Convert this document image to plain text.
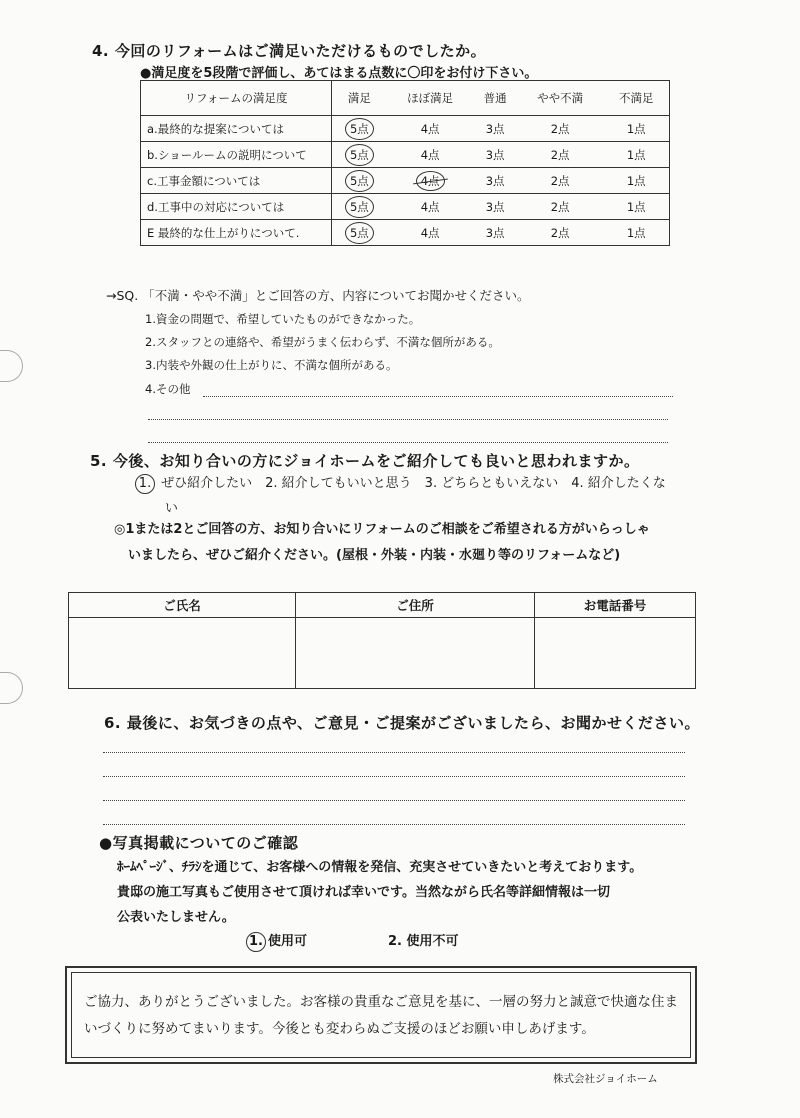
4. 今回のリフォームはご満足いただけるものでしたか。
●満足度を5段階で評価し、あてはまる点数に〇印をお付け下さい。
リフォームの満足度	満足	ほぼ満足	普通	やや不満	不満足
a.最終的な提案については	5点	4点	3点	2点	1点
b.ショールームの説明について	5点	4点	3点	2点	1点
c.工事金額については	5点	4点	3点	2点	1点
d.工事中の対応については	5点	4点	3点	2点	1点
E 最終的な仕上がりについて.	5点	4点	3点	2点	1点
→SQ. 「不満・やや不満」とご回答の方、内容についてお聞かせください。
1.資金の問題で、希望していたものができなかった。
2.スタッフとの連絡や、希望がうまく伝わらず、不満な個所がある。
3.内装や外観の仕上がりに、不満な個所がある。
4.その他
5. 今後、お知り合いの方にジョイホームをご紹介しても良いと思われますか。
1. ぜひ紹介したい　2. 紹介してもいいと思う　3. どちらともいえない　4. 紹介したくな
い
◎1または2とご回答の方、お知り合いにリフォームのご相談をご希望される方がいらっしゃ
いましたら、ぜひご紹介ください。(屋根・外装・内装・水廻り等のリフォームなど)
ご氏名	ご住所	お電話番号

6. 最後に、お気づきの点や、ご意見・ご提案がございましたら、お聞かせください。
●写真掲載についてのご確認
ﾎｰﾑﾍﾟｰｼﾞ、ﾁﾗｼを通じて、お客様への情報を発信、充実させていきたいと考えております。
貴邸の施工写真もご使用させて頂ければ幸いです。当然ながら氏名等詳細情報は一切
公表いたしません。
1. 使用可	2. 使用不可
ご協力、ありがとうございました。お客様の貴重なご意見を基に、一層の努力と誠意で快適な住まいづくりに努めてまいります。今後とも変わらぬご支援のほどお願い申しあげます。
株式会社ジョイホーム
